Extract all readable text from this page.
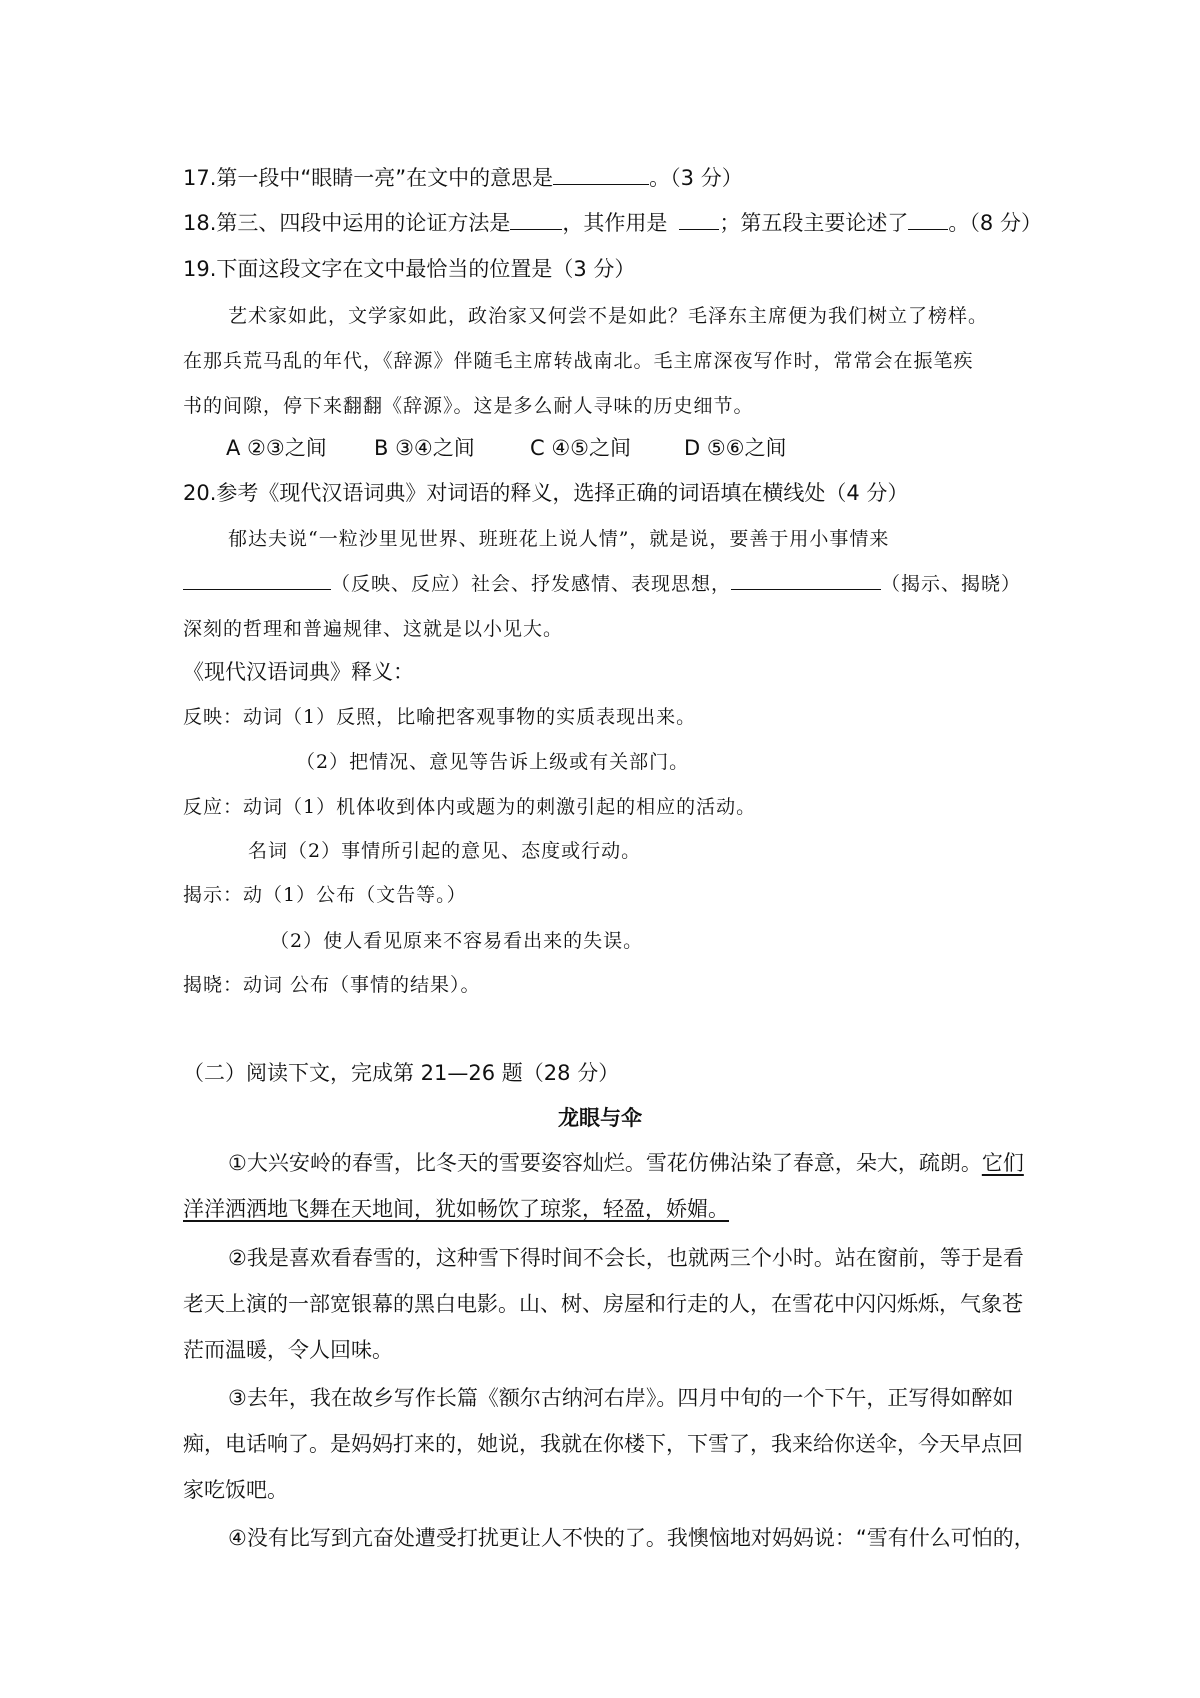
17.第一段中“眼睛一亮”在文中的意思是	。（3 分）

18.第三、四段中运用的论证方法是 ，其作用是 ；第五段主要论述了 。（8 分）

19.下面这段文字在文中最恰当的位置是（3 分）

艺术家如此，文学家如此，政治家又何尝不是如此？毛泽东主席便为我们树立了榜样。

在那兵荒马乱的年代，《辞源》伴随毛主席转战南北。毛主席深夜写作时，常常会在振笔疾

书的间隙，停下来翻翻《辞源》。这是多么耐人寻味的历史细节。

A ②③之间 B ③④之间	C ④⑤之间	D ⑤⑥之间

20.参考《现代汉语词典》对词语的释义，选择正确的词语填在横线处（4 分）

郁达夫说“一粒沙里见世界、班班花上说人情”，就是说，要善于用小事情来

（反映、反应）社会、抒发感情、表现思想，	（揭示、揭晓）

深刻的哲理和普遍规律、这就是以小见大。

《现代汉语词典》释义：

反映：动词（1）反照，比喻把客观事物的实质表现出来。

（2）把情况、意见等告诉上级或有关部门。

反应：动词（1）机体收到体内或题为的刺激引起的相应的活动。

名词（2）事情所引起的意见、态度或行动。

揭示：动（1）公布（文告等。）

（2）使人看见原来不容易看出来的失误。

揭晓：动词 公布（事情的结果）。

（二）阅读下文，完成第 21—26 题（28 分）

龙眼与伞

①大兴安岭的春雪，比冬天的雪要姿容灿烂。雪花仿佛沾染了春意，朵大，疏朗。它们

洋洋洒洒地飞舞在天地间，犹如畅饮了琼浆，轻盈，娇媚。

②我是喜欢看春雪的，这种雪下得时间不会长，也就两三个小时。站在窗前，等于是看

老天上演的一部宽银幕的黑白电影。山、树、房屋和行走的人，在雪花中闪闪烁烁，气象苍

茫而温暖，令人回味。

③去年，我在故乡写作长篇《额尔古纳河右岸》。四月中旬的一个下午，正写得如醉如

痴，电话响了。是妈妈打来的，她说，我就在你楼下，下雪了，我来给你送伞，今天早点回

家吃饭吧。

④没有比写到亢奋处遭受打扰更让人不快的了。我懊恼地对妈妈说：“雪有什么可怕的，
